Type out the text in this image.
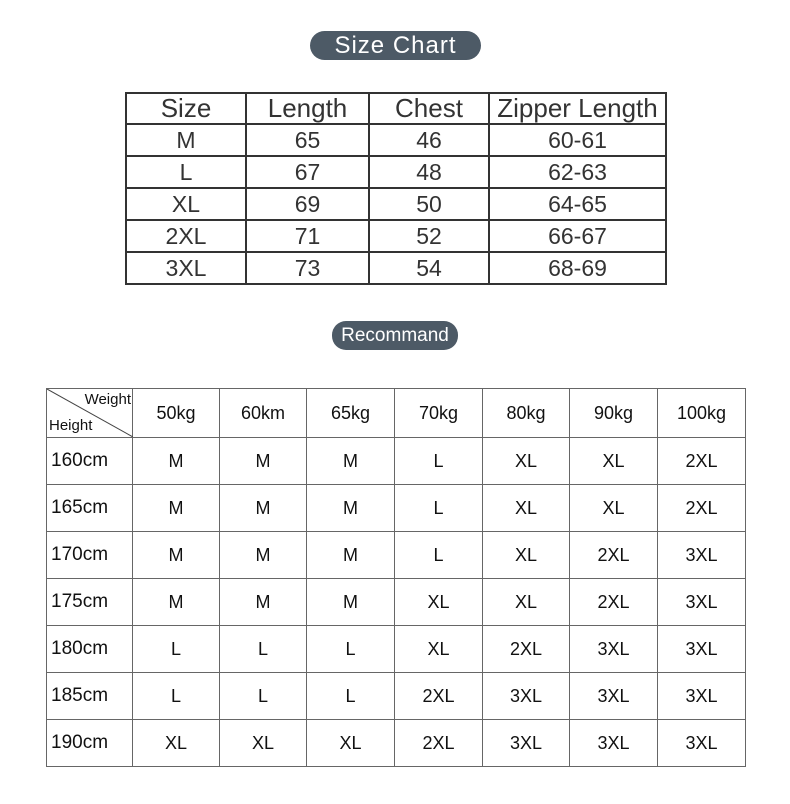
Size Chart
Size	Length	Chest	Zipper Length
M	65	46	60-61
L	67	48	62-63
XL	69	50	64-65
2XL	71	52	66-67
3XL	73	54	68-69
Recommand
Weight
Height	50kg	60km	65kg	70kg	80kg	90kg	100kg
160cm	M	M	M	L	XL	XL	2XL
165cm	M	M	M	L	XL	XL	2XL
170cm	M	M	M	L	XL	2XL	3XL
175cm	M	M	M	XL	XL	2XL	3XL
180cm	L	L	L	XL	2XL	3XL	3XL
185cm	L	L	L	2XL	3XL	3XL	3XL
190cm	XL	XL	XL	2XL	3XL	3XL	3XL
